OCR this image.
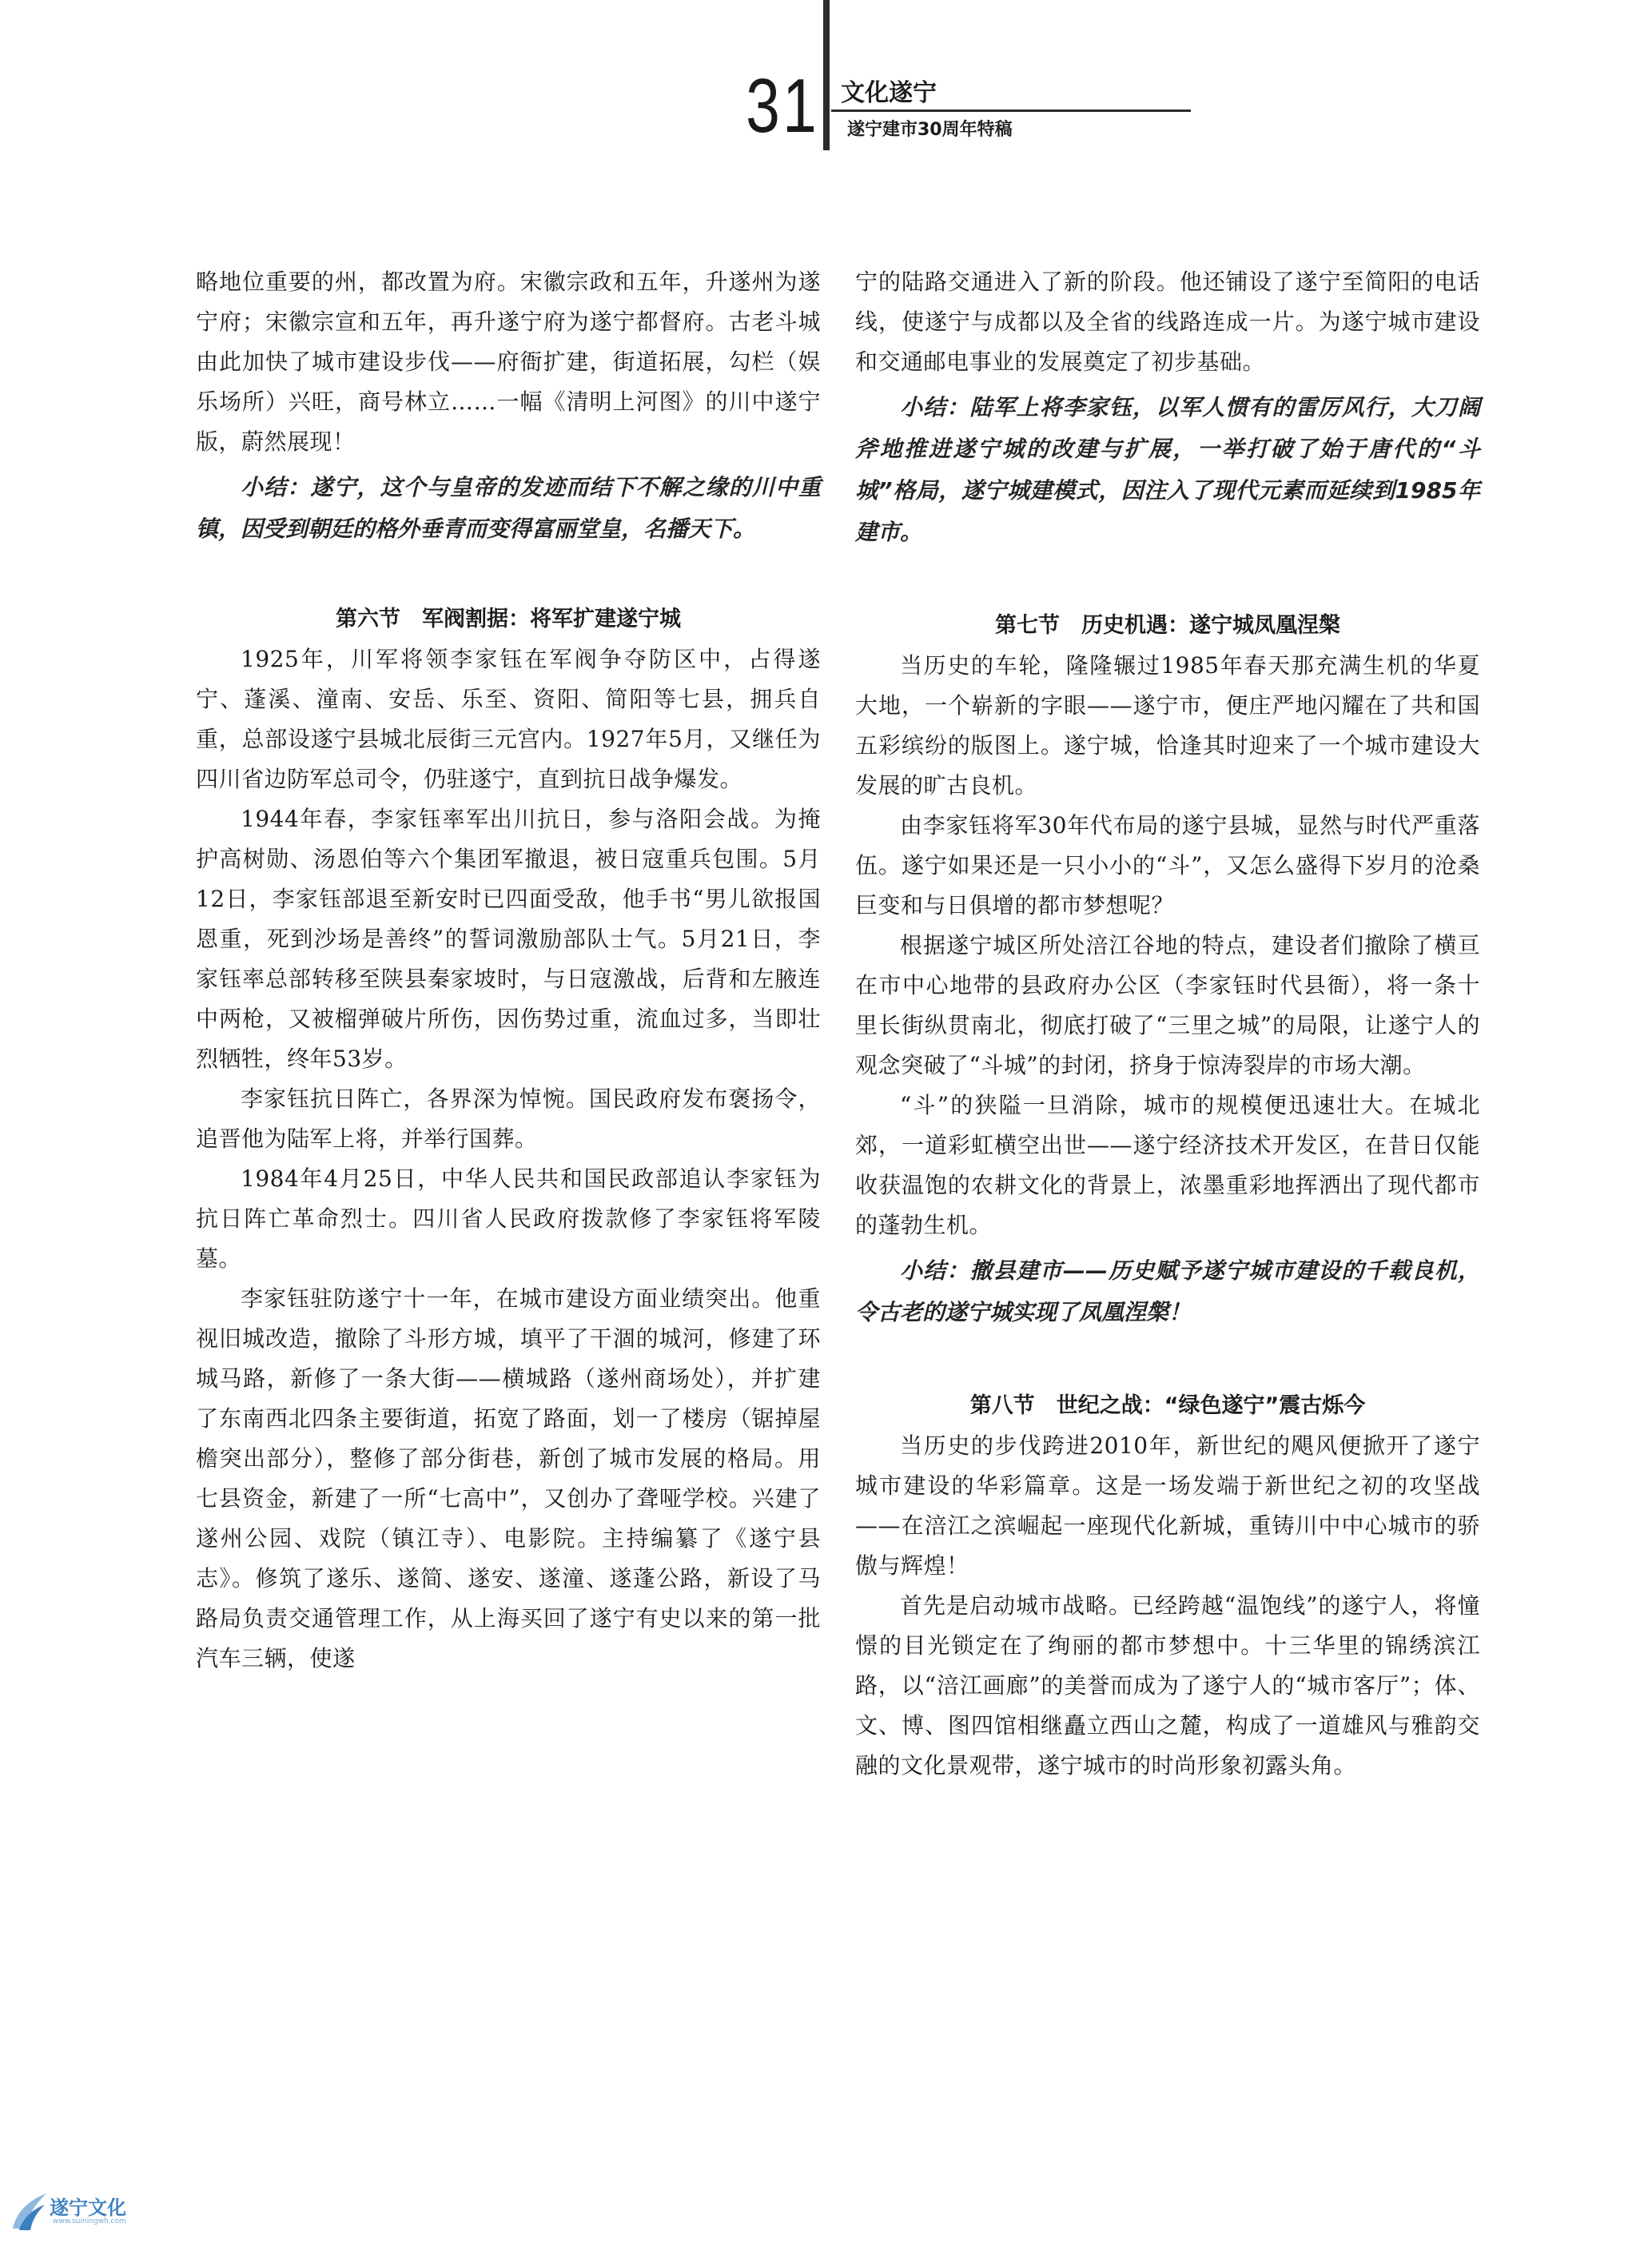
31 文化遂宁
遂宁建市30周年特稿

略地位重要的州，都改置为府。宋徽宗政和五年，升遂州为遂宁府；宋徽宗宣和五年，再升遂宁府为遂宁都督府。古老斗城由此加快了城市建设步伐——府衙扩建，街道拓展，勾栏（娱乐场所）兴旺，商号林立……一幅《清明上河图》的川中遂宁版，蔚然展现！

小结：遂宁，这个与皇帝的发迹而结下不解之缘的川中重镇，因受到朝廷的格外垂青而变得富丽堂皇，名播天下。

第六节　军阀割据：将军扩建遂宁城

1925年，川军将领李家钰在军阀争夺防区中，占得遂宁、蓬溪、潼南、安岳、乐至、资阳、简阳等七县，拥兵自重，总部设遂宁县城北辰街三元宫内。1927年5月，又继任为四川省边防军总司令，仍驻遂宁，直到抗日战争爆发。

1944年春，李家钰率军出川抗日，参与洛阳会战。为掩护高树勋、汤恩伯等六个集团军撤退，被日寇重兵包围。5月12日，李家钰部退至新安时已四面受敌，他手书“男儿欲报国恩重，死到沙场是善终”的誓词激励部队士气。5月21日，李家钰率总部转移至陕县秦家坡时，与日寇激战，后背和左腋连中两枪，又被榴弹破片所伤，因伤势过重，流血过多，当即壮烈牺牲，终年53岁。

李家钰抗日阵亡，各界深为悼惋。国民政府发布褒扬令，追晋他为陆军上将，并举行国葬。

1984年4月25日，中华人民共和国民政部追认李家钰为抗日阵亡革命烈士。四川省人民政府拨款修了李家钰将军陵墓。

李家钰驻防遂宁十一年，在城市建设方面业绩突出。他重视旧城改造，撤除了斗形方城，填平了干涸的城河，修建了环城马路，新修了一条大街——横城路（遂州商场处），并扩建了东南西北四条主要街道，拓宽了路面，划一了楼房（锯掉屋檐突出部分），整修了部分街巷，新创了城市发展的格局。用七县资金，新建了一所“七高中”，又创办了聋哑学校。兴建了遂州公园、戏院（镇江寺）、电影院。主持编纂了《遂宁县志》。修筑了遂乐、遂简、遂安、遂潼、遂蓬公路，新设了马路局负责交通管理工作，从上海买回了遂宁有史以来的第一批汽车三辆，使遂

宁的陆路交通进入了新的阶段。他还铺设了遂宁至简阳的电话线，使遂宁与成都以及全省的线路连成一片。为遂宁城市建设和交通邮电事业的发展奠定了初步基础。

小结：陆军上将李家钰，以军人惯有的雷厉风行，大刀阔斧地推进遂宁城的改建与扩展，一举打破了始于唐代的“斗城”格局，遂宁城建模式，因注入了现代元素而延续到1985年建市。

第七节　历史机遇：遂宁城凤凰涅槃

当历史的车轮，隆隆辗过1985年春天那充满生机的华夏大地，一个崭新的字眼——遂宁市，便庄严地闪耀在了共和国五彩缤纷的版图上。遂宁城，恰逢其时迎来了一个城市建设大发展的旷古良机。

由李家钰将军30年代布局的遂宁县城，显然与时代严重落伍。遂宁如果还是一只小小的“斗”，又怎么盛得下岁月的沧桑巨变和与日俱增的都市梦想呢？

根据遂宁城区所处涪江谷地的特点，建设者们撤除了横亘在市中心地带的县政府办公区（李家钰时代县衙），将一条十里长街纵贯南北，彻底打破了“三里之城”的局限，让遂宁人的观念突破了“斗城”的封闭，挤身于惊涛裂岸的市场大潮。

“斗”的狭隘一旦消除，城市的规模便迅速壮大。在城北郊，一道彩虹横空出世——遂宁经济技术开发区，在昔日仅能收获温饱的农耕文化的背景上，浓墨重彩地挥洒出了现代都市的蓬勃生机。

小结：撤县建市——历史赋予遂宁城市建设的千载良机，令古老的遂宁城实现了凤凰涅槃！

第八节　世纪之战：“绿色遂宁”震古烁今

当历史的步伐跨进2010年，新世纪的飓风便掀开了遂宁城市建设的华彩篇章。这是一场发端于新世纪之初的攻坚战——在涪江之滨崛起一座现代化新城，重铸川中中心城市的骄傲与辉煌！

首先是启动城市战略。已经跨越“温饱线”的遂宁人，将憧憬的目光锁定在了绚丽的都市梦想中。十三华里的锦绣滨江路，以“涪江画廊”的美誉而成为了遂宁人的“城市客厅”；体、文、博、图四馆相继矗立西山之麓，构成了一道雄风与雅韵交融的文化景观带，遂宁城市的时尚形象初露头角。

遂宁文化
www.suiningwh.com
